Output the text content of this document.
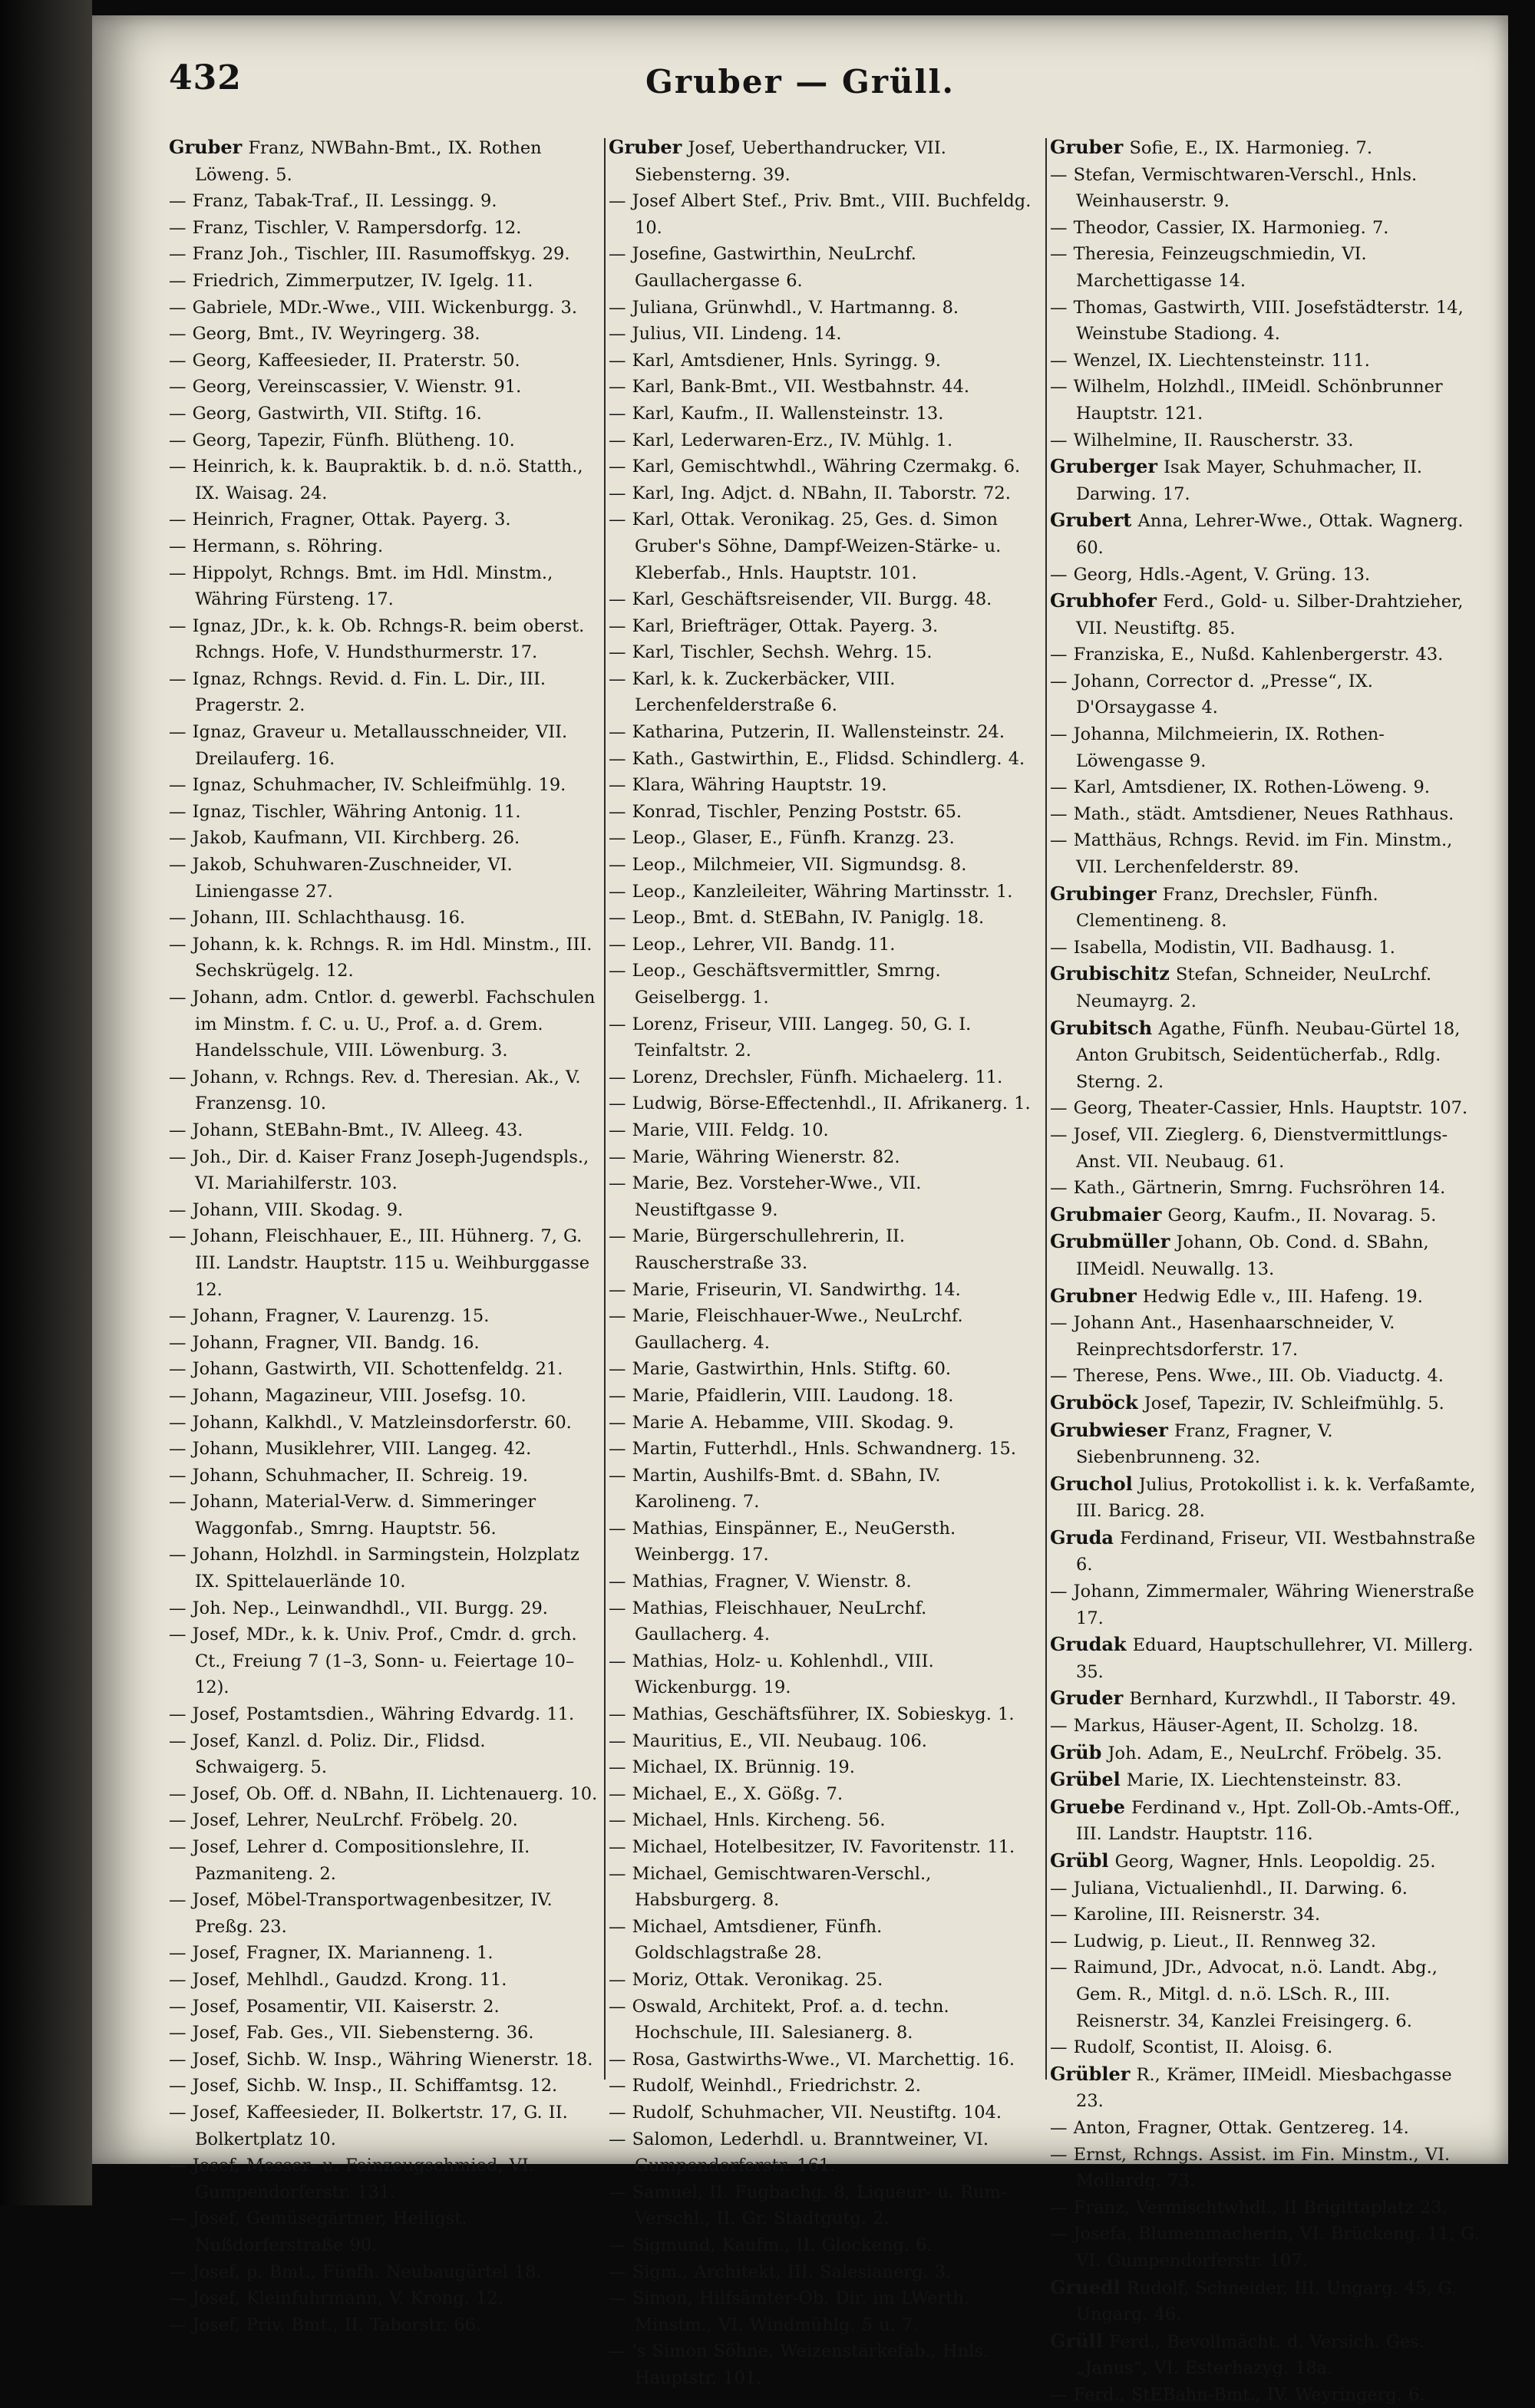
432	Gruber — Grüll.
Gruber Franz, NWBahn-Bmt., IX. Rothen Löweng. 5.
— Franz, Tabak-Traf., II. Lessingg. 9.
— Franz, Tischler, V. Rampersdorfg. 12.
— Franz Joh., Tischler, III. Rasumoffskyg. 29.
— Friedrich, Zimmerputzer, IV. Igelg. 11.
— Gabriele, MDr.-Wwe., VIII. Wickenburgg. 3.
— Georg, Bmt., IV. Weyringerg. 38.
— Georg, Kaffeesieder, II. Praterstr. 50.
— Georg, Vereinscassier, V. Wienstr. 91.
— Georg, Gastwirth, VII. Stiftg. 16.
— Georg, Tapezir, Fünfh. Blütheng. 10.
— Heinrich, k. k. Baupraktik. b. d. n.ö. Statth., IX. Waisag. 24.
— Heinrich, Fragner, Ottak. Payerg. 3.
— Hermann, s. Röhring.
— Hippolyt, Rchngs. Bmt. im Hdl. Minstm., Währing Fürsteng. 17.
— Ignaz, JDr., k. k. Ob. Rchngs-R. beim oberst. Rchngs. Hofe, V. Hundsthurmerstr. 17.
— Ignaz, Rchngs. Revid. d. Fin. L. Dir., III. Pragerstr. 2.
— Ignaz, Graveur u. Metallausschneider, VII. Dreilauferg. 16.
— Ignaz, Schuhmacher, IV. Schleifmühlg. 19.
— Ignaz, Tischler, Währing Antonig. 11.
— Jakob, Kaufmann, VII. Kirchberg. 26.
— Jakob, Schuhwaren-Zuschneider, VI. Liniengasse 27.
— Johann, III. Schlachthausg. 16.
— Johann, k. k. Rchngs. R. im Hdl. Minstm., III. Sechskrügelg. 12.
— Johann, adm. Cntlor. d. gewerbl. Fachschulen im Minstm. f. C. u. U., Prof. a. d. Grem. Handelsschule, VIII. Löwenburg. 3.
— Johann, v. Rchngs. Rev. d. Theresian. Ak., V. Franzensg. 10.
— Johann, StEBahn-Bmt., IV. Alleeg. 43.
— Joh., Dir. d. Kaiser Franz Joseph-Jugendspls., VI. Mariahilferstr. 103.
— Johann, VIII. Skodag. 9.
— Johann, Fleischhauer, E., III. Hühnerg. 7, G. III. Landstr. Hauptstr. 115 u. Weihburggasse 12.
— Johann, Fragner, V. Laurenzg. 15.
— Johann, Fragner, VII. Bandg. 16.
— Johann, Gastwirth, VII. Schottenfeldg. 21.
— Johann, Magazineur, VIII. Josefsg. 10.
— Johann, Kalkhdl., V. Matzleinsdorferstr. 60.
— Johann, Musiklehrer, VIII. Langeg. 42.
— Johann, Schuhmacher, II. Schreig. 19.
— Johann, Material-Verw. d. Simmeringer Waggonfab., Smrng. Hauptstr. 56.
— Johann, Holzhdl. in Sarmingstein, Holzplatz IX. Spittelauerlände 10.
— Joh. Nep., Leinwandhdl., VII. Burgg. 29.
— Josef, MDr., k. k. Univ. Prof., Cmdr. d. grch. Ct., Freiung 7 (1–3, Sonn- u. Feiertage 10–12).
— Josef, Postamtsdien., Währing Edvardg. 11.
— Josef, Kanzl. d. Poliz. Dir., Flidsd. Schwaigerg. 5.
— Josef, Ob. Off. d. NBahn, II. Lichtenauerg. 10.
— Josef, Lehrer, NeuLrchf. Fröbelg. 20.
— Josef, Lehrer d. Compositionslehre, II. Pazmaniteng. 2.
— Josef, Möbel-Transportwagenbesitzer, IV. Preßg. 23.
— Josef, Fragner, IX. Marianneng. 1.
— Josef, Mehlhdl., Gaudzd. Krong. 11.
— Josef, Posamentir, VII. Kaiserstr. 2.
— Josef, Fab. Ges., VII. Siebensterng. 36.
— Josef, Sichb. W. Insp., Währing Wienerstr. 18.
— Josef, Sichb. W. Insp., II. Schiffamtsg. 12.
— Josef, Kaffeesieder, II. Bolkertstr. 17, G. II. Bolkertplatz 10.
— Josef, Messer- u. Feinzeugschmied, VI. Gumpendorferstr. 131.
— Josef, Gemüsegärtner, Heiligst. Nußdorferstraße 90.
— Josef, p. Bmt., Fünfh. Neubaugürtel 18.
— Josef, Kleinfuhrmann, V. Krong. 12.
— Josef, Priv. Bmt., II. Taborstr. 66.
Gruber Josef, Ueberthandrucker, VII. Siebensterng. 39.
— Josef Albert Stef., Priv. Bmt., VIII. Buchfeldg. 10.
— Josefine, Gastwirthin, NeuLrchf. Gaullachergasse 6.
— Juliana, Grünwhdl., V. Hartmanng. 8.
— Julius, VII. Lindeng. 14.
— Karl, Amtsdiener, Hnls. Syringg. 9.
— Karl, Bank-Bmt., VII. Westbahnstr. 44.
— Karl, Kaufm., II. Wallensteinstr. 13.
— Karl, Lederwaren-Erz., IV. Mühlg. 1.
— Karl, Gemischtwhdl., Währing Czermakg. 6.
— Karl, Ing. Adjct. d. NBahn, II. Taborstr. 72.
— Karl, Ottak. Veronikag. 25, Ges. d. Simon Gruber's Söhne, Dampf-Weizen-Stärke- u. Kleberfab., Hnls. Hauptstr. 101.
— Karl, Geschäftsreisender, VII. Burgg. 48.
— Karl, Briefträger, Ottak. Payerg. 3.
— Karl, Tischler, Sechsh. Wehrg. 15.
— Karl, k. k. Zuckerbäcker, VIII. Lerchenfelderstraße 6.
— Katharina, Putzerin, II. Wallensteinstr. 24.
— Kath., Gastwirthin, E., Flidsd. Schindlerg. 4.
— Klara, Währing Hauptstr. 19.
— Konrad, Tischler, Penzing Poststr. 65.
— Leop., Glaser, E., Fünfh. Kranzg. 23.
— Leop., Milchmeier, VII. Sigmundsg. 8.
— Leop., Kanzleileiter, Währing Martinsstr. 1.
— Leop., Bmt. d. StEBahn, IV. Paniglg. 18.
— Leop., Lehrer, VII. Bandg. 11.
— Leop., Geschäftsvermittler, Smrng. Geiselbergg. 1.
— Lorenz, Friseur, VIII. Langeg. 50, G. I. Teinfaltstr. 2.
— Lorenz, Drechsler, Fünfh. Michaelerg. 11.
— Ludwig, Börse-Effectenhdl., II. Afrikanerg. 1.
— Marie, VIII. Feldg. 10.
— Marie, Währing Wienerstr. 82.
— Marie, Bez. Vorsteher-Wwe., VII. Neustiftgasse 9.
— Marie, Bürgerschullehrerin, II. Rauscherstraße 33.
— Marie, Friseurin, VI. Sandwirthg. 14.
— Marie, Fleischhauer-Wwe., NeuLrchf. Gaullacherg. 4.
— Marie, Gastwirthin, Hnls. Stiftg. 60.
— Marie, Pfaidlerin, VIII. Laudong. 18.
— Marie A. Hebamme, VIII. Skodag. 9.
— Martin, Futterhdl., Hnls. Schwandnerg. 15.
— Martin, Aushilfs-Bmt. d. SBahn, IV. Karolineng. 7.
— Mathias, Einspänner, E., NeuGersth. Weinbergg. 17.
— Mathias, Fragner, V. Wienstr. 8.
— Mathias, Fleischhauer, NeuLrchf. Gaullacherg. 4.
— Mathias, Holz- u. Kohlenhdl., VIII. Wickenburgg. 19.
— Mathias, Geschäftsführer, IX. Sobieskyg. 1.
— Mauritius, E., VII. Neubaug. 106.
— Michael, IX. Brünnig. 19.
— Michael, E., X. Gößg. 7.
— Michael, Hnls. Kircheng. 56.
— Michael, Hotelbesitzer, IV. Favoritenstr. 11.
— Michael, Gemischtwaren-Verschl., Habsburgerg. 8.
— Michael, Amtsdiener, Fünfh. Goldschlagstraße 28.
— Moriz, Ottak. Veronikag. 25.
— Oswald, Architekt, Prof. a. d. techn. Hochschule, III. Salesianerg. 8.
— Rosa, Gastwirths-Wwe., VI. Marchettig. 16.
— Rudolf, Weinhdl., Friedrichstr. 2.
— Rudolf, Schuhmacher, VII. Neustiftg. 104.
— Salomon, Lederhdl. u. Branntweiner, VI. Gumpendorferstr. 161.
— Samuel, II. Fugbachg. 8, Liqueur- u. Rum-Verschl., II. Gr. Stadtgutg. 2.
— Sigmund, Kaufm., II. Glockeng. 6.
— Sigm., Architekt, III. Salesianerg. 3.
— Simon, Hilfsämter-Ob. Dir. im LWerth. Minstm., VI. Windmühlg. 5 u. 7.
— 's Simon Söhne, Weizenstärkefab., Hnls. Hauptstr. 101.
Gruber Sofie, E., IX. Harmonieg. 7.
— Stefan, Vermischtwaren-Verschl., Hnls. Weinhauserstr. 9.
— Theodor, Cassier, IX. Harmonieg. 7.
— Theresia, Feinzeugschmiedin, VI. Marchettigasse 14.
— Thomas, Gastwirth, VIII. Josefstädterstr. 14, Weinstube Stadiong. 4.
— Wenzel, IX. Liechtensteinstr. 111.
— Wilhelm, Holzhdl., IIMeidl. Schönbrunner Hauptstr. 121.
— Wilhelmine, II. Rauscherstr. 33.
Gruberger Isak Mayer, Schuhmacher, II. Darwing. 17.
Grubert Anna, Lehrer-Wwe., Ottak. Wagnerg. 60.
— Georg, Hdls.-Agent, V. Grüng. 13.
Grubhofer Ferd., Gold- u. Silber-Drahtzieher, VII. Neustiftg. 85.
— Franziska, E., Nußd. Kahlenbergerstr. 43.
— Johann, Corrector d. „Presse“, IX. D'Orsaygasse 4.
— Johanna, Milchmeierin, IX. Rothen-Löwengasse 9.
— Karl, Amtsdiener, IX. Rothen-Löweng. 9.
— Math., städt. Amtsdiener, Neues Rathhaus.
— Matthäus, Rchngs. Revid. im Fin. Minstm., VII. Lerchenfelderstr. 89.
Grubinger Franz, Drechsler, Fünfh. Clementineng. 8.
— Isabella, Modistin, VII. Badhausg. 1.
Grubischitz Stefan, Schneider, NeuLrchf. Neumayrg. 2.
Grubitsch Agathe, Fünfh. Neubau-Gürtel 18, Anton Grubitsch, Seidentücherfab., Rdlg. Sterng. 2.
— Georg, Theater-Cassier, Hnls. Hauptstr. 107.
— Josef, VII. Zieglerg. 6, Dienstvermittlungs-Anst. VII. Neubaug. 61.
— Kath., Gärtnerin, Smrng. Fuchsröhren 14.
Grubmaier Georg, Kaufm., II. Novarag. 5.
Grubmüller Johann, Ob. Cond. d. SBahn, IIMeidl. Neuwallg. 13.
Grubner Hedwig Edle v., III. Hafeng. 19.
— Johann Ant., Hasenhaarschneider, V. Reinprechtsdorferstr. 17.
— Therese, Pens. Wwe., III. Ob. Viaductg. 4.
Gruböck Josef, Tapezir, IV. Schleifmühlg. 5.
Grubwieser Franz, Fragner, V. Siebenbrunneng. 32.
Gruchol Julius, Protokollist i. k. k. Verfaßamte, III. Baricg. 28.
Gruda Ferdinand, Friseur, VII. Westbahnstraße 6.
— Johann, Zimmermaler, Währing Wienerstraße 17.
Grudak Eduard, Hauptschullehrer, VI. Millerg. 35.
Gruder Bernhard, Kurzwhdl., II Taborstr. 49.
— Markus, Häuser-Agent, II. Scholzg. 18.
Grüb Joh. Adam, E., NeuLrchf. Fröbelg. 35.
Grübel Marie, IX. Liechtensteinstr. 83.
Gruebe Ferdinand v., Hpt. Zoll-Ob.-Amts-Off., III. Landstr. Hauptstr. 116.
Grübl Georg, Wagner, Hnls. Leopoldig. 25.
— Juliana, Victualienhdl., II. Darwing. 6.
— Karoline, III. Reisnerstr. 34.
— Ludwig, p. Lieut., II. Rennweg 32.
— Raimund, JDr., Advocat, n.ö. Landt. Abg., Gem. R., Mitgl. d. n.ö. LSch. R., III. Reisnerstr. 34, Kanzlei Freisingerg. 6.
— Rudolf, Scontist, II. Aloisg. 6.
Grübler R., Krämer, IIMeidl. Miesbachgasse 23.
— Anton, Fragner, Ottak. Gentzereg. 14.
— Ernst, Rchngs. Assist. im Fin. Minstm., VI. Mollardg. 73.
— Franz, Vermischtwhdl., II Brigittaplatz 23.
— Josefa, Blumenmacherin, VI. Brückeng. 11, G. VI. Gumpendorferstr. 107.
Gruedl Rudolf, Schneider, III. Ungarg. 45, G. Ungarg. 46.
Grüll Ferd., Bevollmächt. d. Versich. Ges. „Janus“, VI. Esterhazyg. 18a.
— Ferd., StEBahn-Bmt., IV. Weyringerg. 6.
